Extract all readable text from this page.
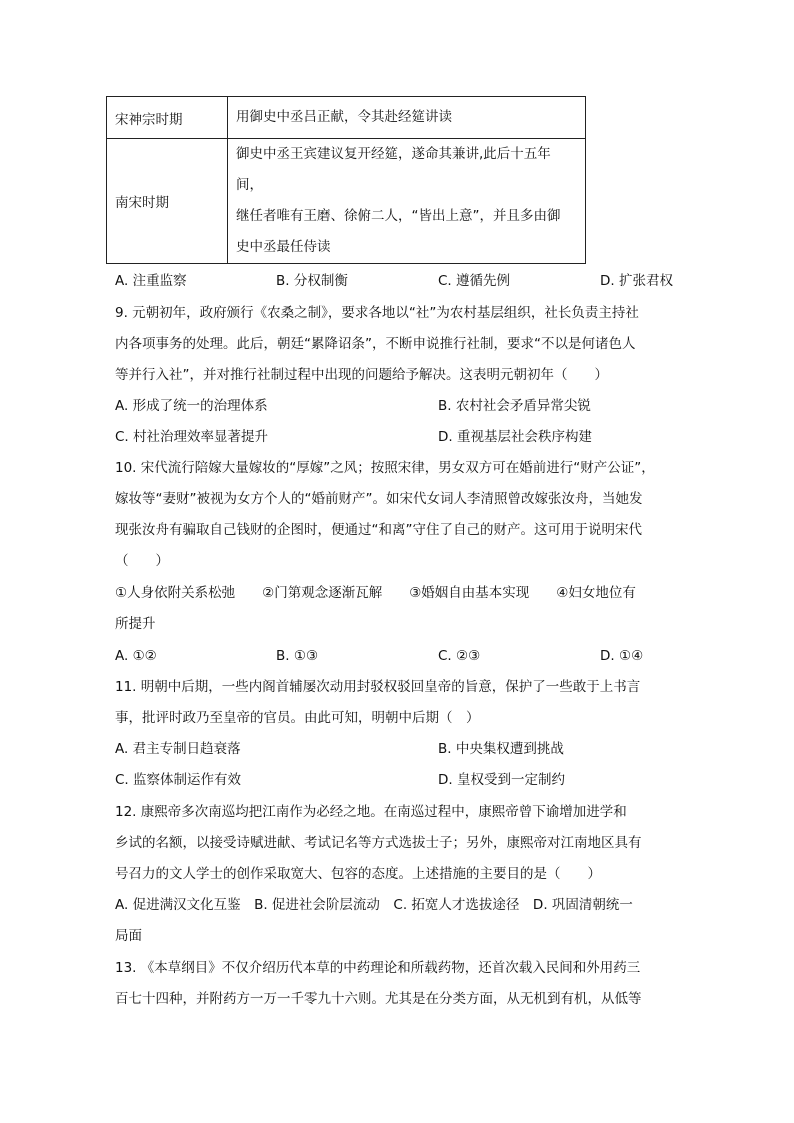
宋神宗时期	用御史中丞吕正献，令其赴经筵讲读

南宋时期	御史中丞王宾建议复开经筵，遂命其兼讲,此后十五年间，
继任者唯有王磨、徐俯二人，“皆出上意”，并且多由御
史中丞最任侍读
A. 注重监察	B. 分权制衡	C. 遵循先例	D. 扩张君权
9. 元朝初年，政府颁行《农桑之制》，要求各地以“社”为农村基层组织，社长负责主持社
内各项事务的处理。此后，朝廷“累降诏条”，不断申说推行社制，要求“不以是何诸色人
等并行入社”，并对推行社制过程中出现的问题给予解决。这表明元朝初年（　　）
A. 形成了统一的治理体系	B. 农村社会矛盾异常尖锐
C. 村社治理效率显著提升	D. 重视基层社会秩序构建
10. 宋代流行陪嫁大量嫁妆的“厚嫁”之风；按照宋律，男女双方可在婚前进行“财产公证”，
嫁妆等“妻财”被视为女方个人的“婚前财产”。如宋代女词人李清照曾改嫁张汝舟，当她发
现张汝舟有骗取自己钱财的企图时，便通过“和离”守住了自己的财产。这可用于说明宋代
（　　）
①人身依附关系松弛　　②门第观念逐渐瓦解　　③婚姻自由基本实现　　④妇女地位有
所提升
A. ①②	B. ①③	C. ②③	D. ①④
11. 明朝中后期，一些内阁首辅屡次动用封驳权驳回皇帝的旨意，保护了一些敢于上书言
事，批评时政乃至皇帝的官员。由此可知，明朝中后期（　）
A. 君主专制日趋衰落	B. 中央集权遭到挑战
C. 监察体制运作有效	D. 皇权受到一定制约
12. 康熙帝多次南巡均把江南作为必经之地。在南巡过程中，康熙帝曾下谕增加进学和
乡试的名额，以接受诗赋进献、考试记名等方式选拔士子；另外，康熙帝对江南地区具有
号召力的文人学士的创作采取宽大、包容的态度。上述措施的主要目的是（　　）
A. 促进满汉文化互鉴　B. 促进社会阶层流动　C. 拓宽人才选拔途径　D. 巩固清朝统一
局面
13. 《本草纲目》不仅介绍历代本草的中药理论和所载药物，还首次载入民间和外用药三
百七十四种，并附药方一万一千零九十六则。尤其是在分类方面，从无机到有机，从低等
